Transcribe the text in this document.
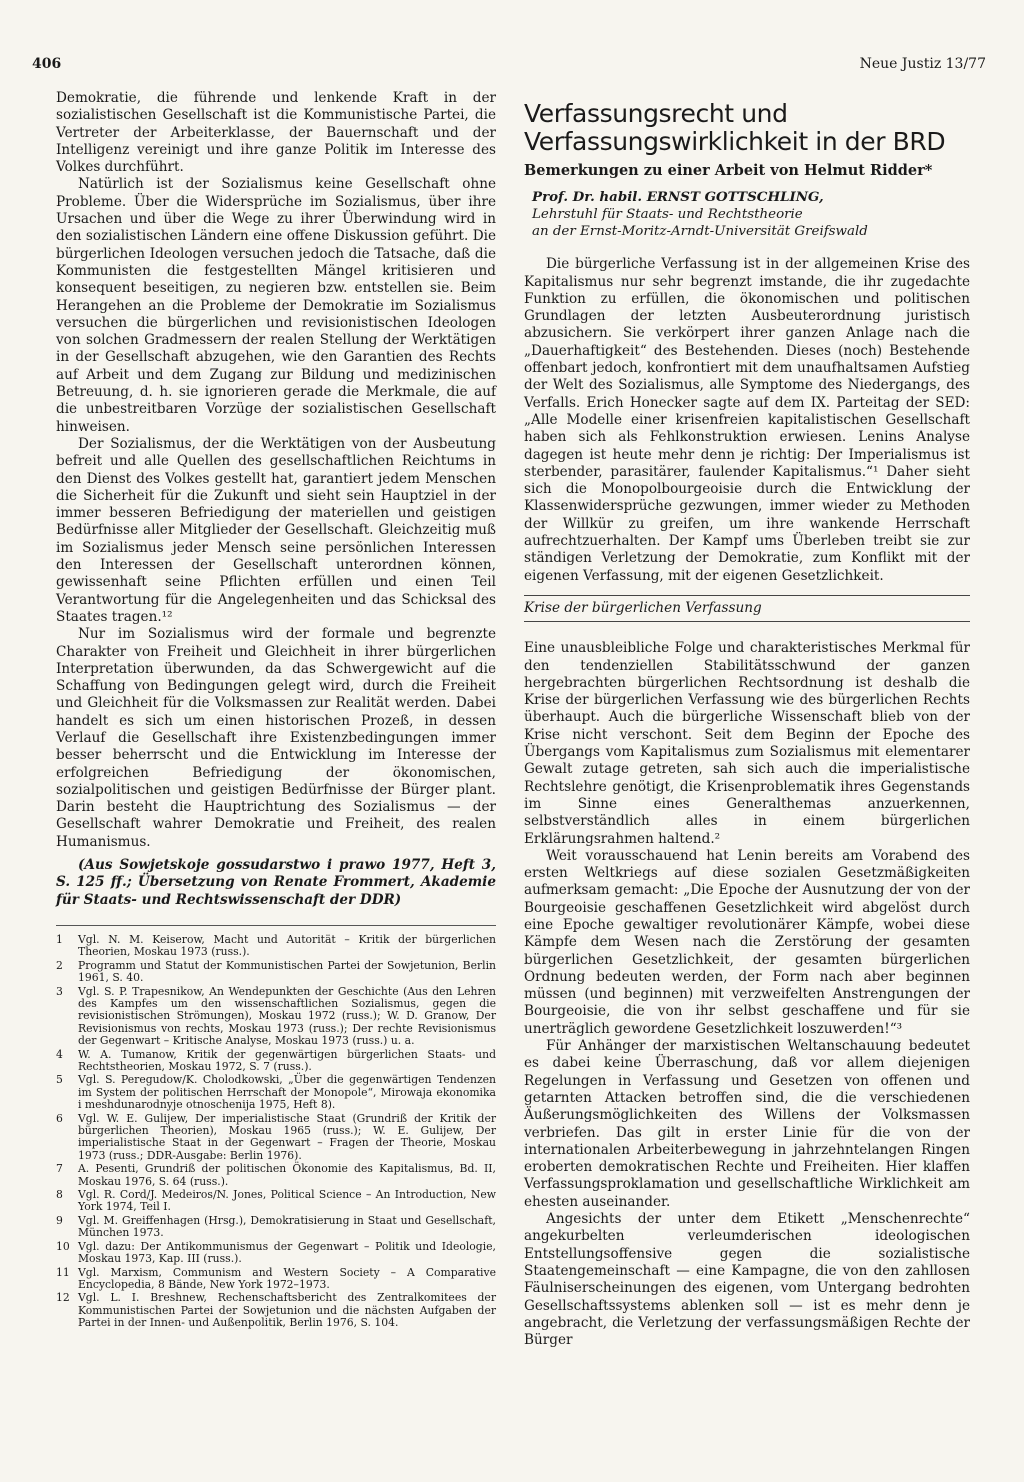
406	Neue Justiz 13/77

Demokratie, die führende und lenkende Kraft in der sozialistischen Gesellschaft ist die Kommunistische Partei, die Vertreter der Arbeiterklasse, der Bauernschaft und der Intelligenz vereinigt und ihre ganze Politik im Interesse des Volkes durchführt.

Natürlich ist der Sozialismus keine Gesellschaft ohne Probleme. Über die Widersprüche im Sozialismus, über ihre Ursachen und über die Wege zu ihrer Überwindung wird in den sozialistischen Ländern eine offene Diskussion geführt. Die bürgerlichen Ideologen versuchen jedoch die Tatsache, daß die Kommunisten die festgestellten Mängel kritisieren und konsequent beseitigen, zu negieren bzw. entstellen sie. Beim Herangehen an die Probleme der Demokratie im Sozialismus versuchen die bürgerlichen und revisionistischen Ideologen von solchen Gradmessern der realen Stellung der Werktätigen in der Gesellschaft abzugehen, wie den Garantien des Rechts auf Arbeit und dem Zugang zur Bildung und medizinischen Betreuung, d. h. sie ignorieren gerade die Merkmale, die auf die unbestreitbaren Vorzüge der sozialistischen Gesellschaft hinweisen.

Der Sozialismus, der die Werktätigen von der Ausbeutung befreit und alle Quellen des gesellschaftlichen Reichtums in den Dienst des Volkes gestellt hat, garantiert jedem Menschen die Sicherheit für die Zukunft und sieht sein Hauptziel in der immer besseren Befriedigung der materiellen und geistigen Bedürfnisse aller Mitglieder der Gesellschaft. Gleichzeitig muß im Sozialismus jeder Mensch seine persönlichen Interessen den Interessen der Gesellschaft unterordnen können, gewissenhaft seine Pflichten erfüllen und einen Teil Verantwortung für die Angelegenheiten und das Schicksal des Staates tragen.¹²

Nur im Sozialismus wird der formale und begrenzte Charakter von Freiheit und Gleichheit in ihrer bürgerlichen Interpretation überwunden, da das Schwergewicht auf die Schaffung von Bedingungen gelegt wird, durch die Freiheit und Gleichheit für die Volksmassen zur Realität werden. Dabei handelt es sich um einen historischen Prozeß, in dessen Verlauf die Gesellschaft ihre Existenzbedingungen immer besser beherrscht und die Entwicklung im Interesse der erfolgreichen Befriedigung der ökonomischen, sozialpolitischen und geistigen Bedürfnisse der Bürger plant. Darin besteht die Hauptrichtung des Sozialismus — der Gesellschaft wahrer Demokratie und Freiheit, des realen Humanismus.

(Aus Sowjetskoje gossudarstwo i prawo 1977, Heft 3, S. 125 ff.; Übersetzung von Renate Frommert, Akademie für Staats- und Rechtswissenschaft der DDR)

1	Vgl. N. M. Keiserow, Macht und Autorität – Kritik der bürgerlichen Theorien, Moskau 1973 (russ.).
2	Programm und Statut der Kommunistischen Partei der Sowjetunion, Berlin 1961, S. 40.
3	Vgl. S. P. Trapesnikow, An Wendepunkten der Geschichte (Aus den Lehren des Kampfes um den wissenschaftlichen Sozialismus, gegen die revisionistischen Strömungen), Moskau 1972 (russ.); W. D. Granow, Der Revisionismus von rechts, Moskau 1973 (russ.); Der rechte Revisionismus der Gegenwart – Kritische Analyse, Moskau 1973 (russ.) u. a.
4	W. A. Tumanow, Kritik der gegenwärtigen bürgerlichen Staats- und Rechtstheorien, Moskau 1972, S. 7 (russ.).
5	Vgl. S. Peregudow/K. Cholodkowski, „Über die gegenwärtigen Tendenzen im System der politischen Herrschaft der Monopole“, Mirowaja ekonomika i meshdunarodnyje otnoschenija 1975, Heft 8).
6	Vgl. W. E. Gulijew, Der imperialistische Staat (Grundriß der Kritik der bürgerlichen Theorien), Moskau 1965 (russ.); W. E. Gulijew, Der imperialistische Staat in der Gegenwart – Fragen der Theorie, Moskau 1973 (russ.; DDR-Ausgabe: Berlin 1976).
7	A. Pesenti, Grundriß der politischen Ökonomie des Kapitalismus, Bd. II, Moskau 1976, S. 64 (russ.).
8	Vgl. R. Cord/J. Medeiros/N. Jones, Political Science – An Introduction, New York 1974, Teil I.
9	Vgl. M. Greiffenhagen (Hrsg.), Demokratisierung in Staat und Gesellschaft, München 1973.
10 Vgl. dazu: Der Antikommunismus der Gegenwart – Politik und Ideologie, Moskau 1973, Kap. III (russ.).
11 Vgl. Marxism, Communism and Western Society – A Comparative Encyclopedia, 8 Bände, New York 1972–1973.
12 Vgl. L. I. Breshnew, Rechenschaftsbericht des Zentralkomitees der Kommunistischen Partei der Sowjetunion und die nächsten Aufgaben der Partei in der Innen- und Außenpolitik, Berlin 1976, S. 104.
Verfassungsrecht und
Verfassungswirklichkeit in der BRD
Bemerkungen zu einer Arbeit von Helmut Ridder*
Prof. Dr. habil. ERNST GOTTSCHLING,
Lehrstuhl für Staats- und Rechtstheorie
an der Ernst-Moritz-Arndt-Universität Greifswald

Die bürgerliche Verfassung ist in der allgemeinen Krise des Kapitalismus nur sehr begrenzt imstande, die ihr zugedachte Funktion zu erfüllen, die ökonomischen und politischen Grundlagen der letzten Ausbeuterordnung juristisch abzusichern. Sie verkörpert ihrer ganzen Anlage nach die „Dauerhaftigkeit“ des Bestehenden. Dieses (noch) Bestehende offenbart jedoch, konfrontiert mit dem unaufhaltsamen Aufstieg der Welt des Sozialismus, alle Symptome des Niedergangs, des Verfalls. Erich Honecker sagte auf dem IX. Parteitag der SED: „Alle Modelle einer krisenfreien kapitalistischen Gesellschaft haben sich als Fehlkonstruktion erwiesen. Lenins Analyse dagegen ist heute mehr denn je richtig: Der Imperialismus ist sterbender, parasitärer, faulender Kapitalismus.“¹ Daher sieht sich die Monopolbourgeoisie durch die Entwicklung der Klassenwidersprüche gezwungen, immer wieder zu Methoden der Willkür zu greifen, um ihre wankende Herrschaft aufrechtzuerhalten. Der Kampf ums Überleben treibt sie zur ständigen Verletzung der Demokratie, zum Konflikt mit der eigenen Verfassung, mit der eigenen Gesetzlichkeit.

Krise der bürgerlichen Verfassung

Eine unausbleibliche Folge und charakteristisches Merkmal für den tendenziellen Stabilitätsschwund der ganzen hergebrachten bürgerlichen Rechtsordnung ist deshalb die Krise der bürgerlichen Verfassung wie des bürgerlichen Rechts überhaupt. Auch die bürgerliche Wissenschaft blieb von der Krise nicht verschont. Seit dem Beginn der Epoche des Übergangs vom Kapitalismus zum Sozialismus mit elementarer Gewalt zutage getreten, sah sich auch die imperialistische Rechtslehre genötigt, die Krisenproblematik ihres Gegenstands im Sinne eines Generalthemas anzuerkennen, selbstverständlich alles in einem bürgerlichen Erklärungsrahmen haltend.²

Weit vorausschauend hat Lenin bereits am Vorabend des ersten Weltkriegs auf diese sozialen Gesetzmäßigkeiten aufmerksam gemacht: „Die Epoche der Ausnutzung der von der Bourgeoisie geschaffenen Gesetzlichkeit wird abgelöst durch eine Epoche gewaltiger revolutionärer Kämpfe, wobei diese Kämpfe dem Wesen nach die Zerstörung der gesamten bürgerlichen Gesetzlichkeit, der gesamten bürgerlichen Ordnung bedeuten werden, der Form nach aber beginnen müssen (und beginnen) mit verzweifelten Anstrengungen der Bourgeoisie, die von ihr selbst geschaffene und für sie unerträglich gewordene Gesetzlichkeit loszuwerden!“³

Für Anhänger der marxistischen Weltanschauung bedeutet es dabei keine Überraschung, daß vor allem diejenigen Regelungen in Verfassung und Gesetzen von offenen und getarnten Attacken betroffen sind, die die verschiedenen Äußerungsmöglichkeiten des Willens der Volksmassen verbriefen. Das gilt in erster Linie für die von der internationalen Arbeiterbewegung in jahrzehntelangen Ringen eroberten demokratischen Rechte und Freiheiten. Hier klaffen Verfassungsproklamation und gesellschaftliche Wirklichkeit am ehesten auseinander.

Angesichts der unter dem Etikett „Menschenrechte“ angekurbelten verleumderischen ideologischen Entstellungsoffensive gegen die sozialistische Staatengemeinschaft — eine Kampagne, die von den zahllosen Fäulniserscheinungen des eigenen, vom Untergang bedrohten Gesellschaftssystems ablenken soll — ist es mehr denn je angebracht, die Verletzung der verfassungsmäßigen Rechte der Bürger
